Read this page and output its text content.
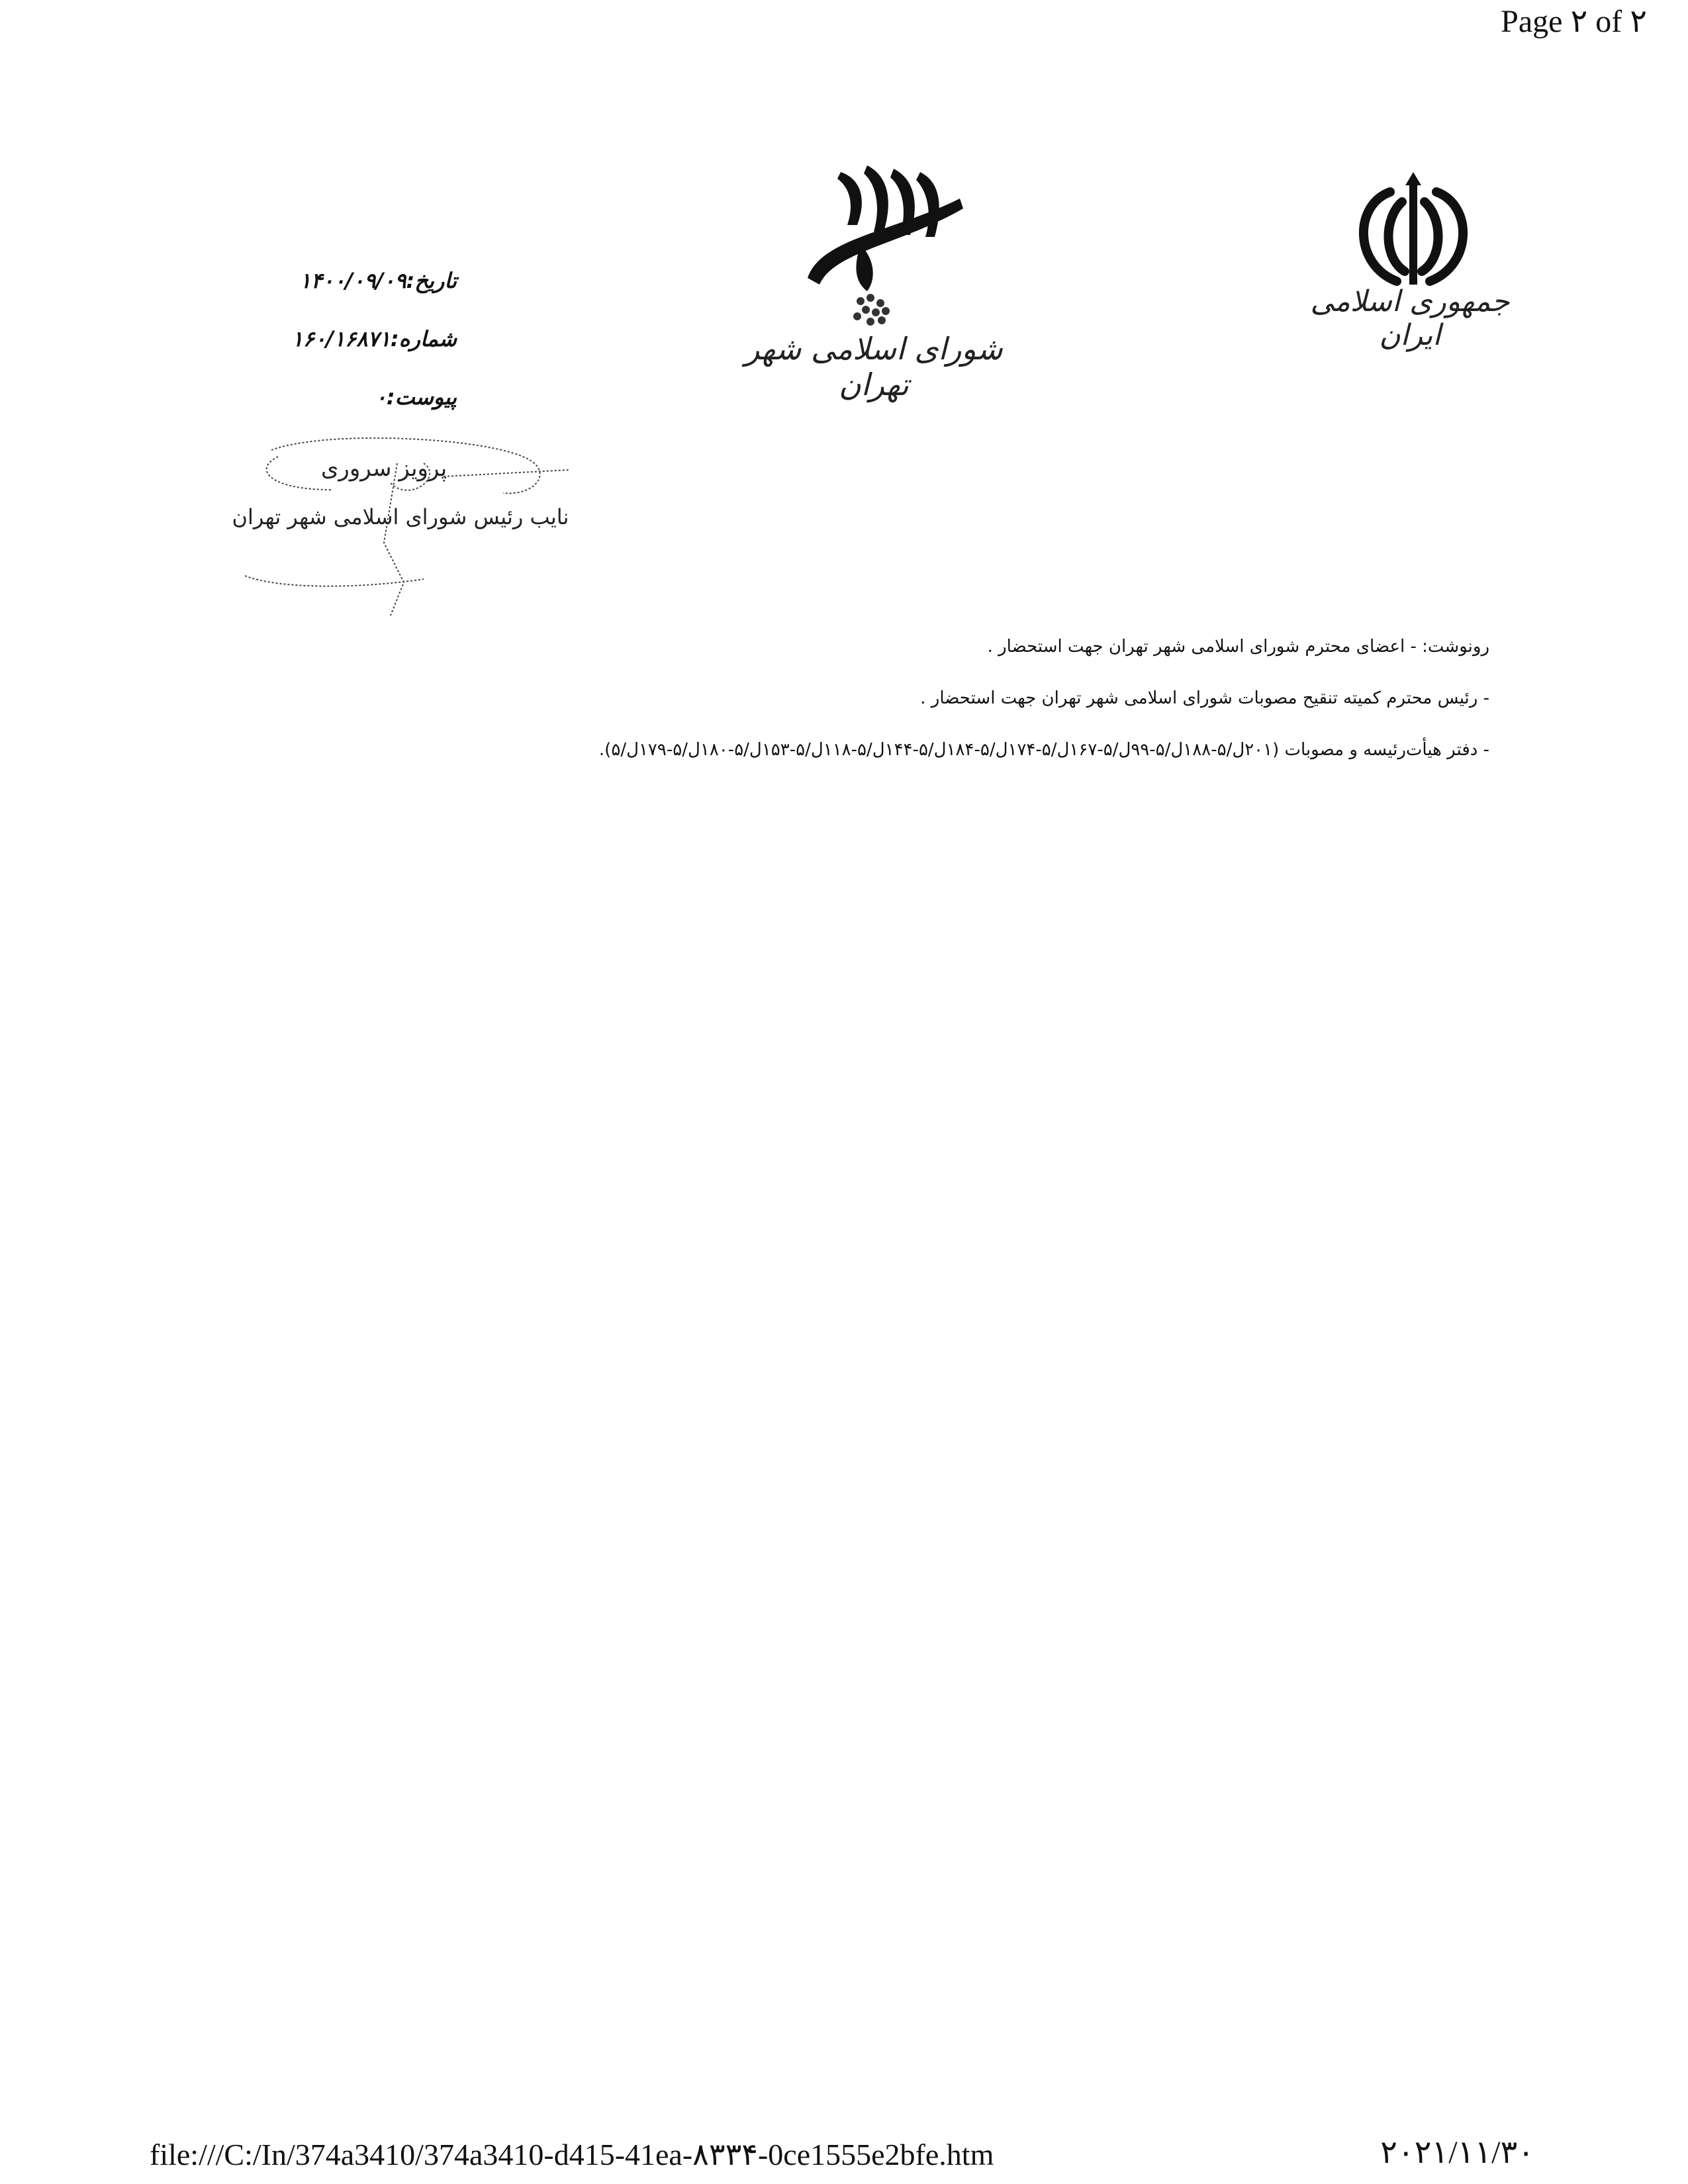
Page ۲ of ۲
جمهوری اسلامی ایران
شورای اسلامی شهر تهران
تاریخ:۱۴۰۰/۰۹/۰۹
شماره:۱۶۰/۱۶۸۷۱
پیوست:۰
پرویز سروری
نایب رئیس شورای اسلامی شهر تهران
رونوشت: - اعضای محترم شورای اسلامی شهر تهران جهت استحضار .
- رئیس محترم کمیته تنقیح مصوبات شورای اسلامی شهر تهران جهت استحضار .
- دفتر هیأت‌رئیسه و مصوبات (۲۰۱ل/۵-۱۸۸ل/۵-۹۹ل/۵-۱۶۷ل/۵-۱۷۴ل/۵-۱۸۴ل/۵-۱۴۴ل/۵-۱۱۸ل/۵-۱۵۳ل/۵-۱۸۰ل/۵-۱۷۹ل/۵).
file:///C:/In/374a3410/374a3410-d415-41ea-۸۳۳۴-0ce1555e2bfe.htm	۲۰۲۱/۱۱/۳۰
